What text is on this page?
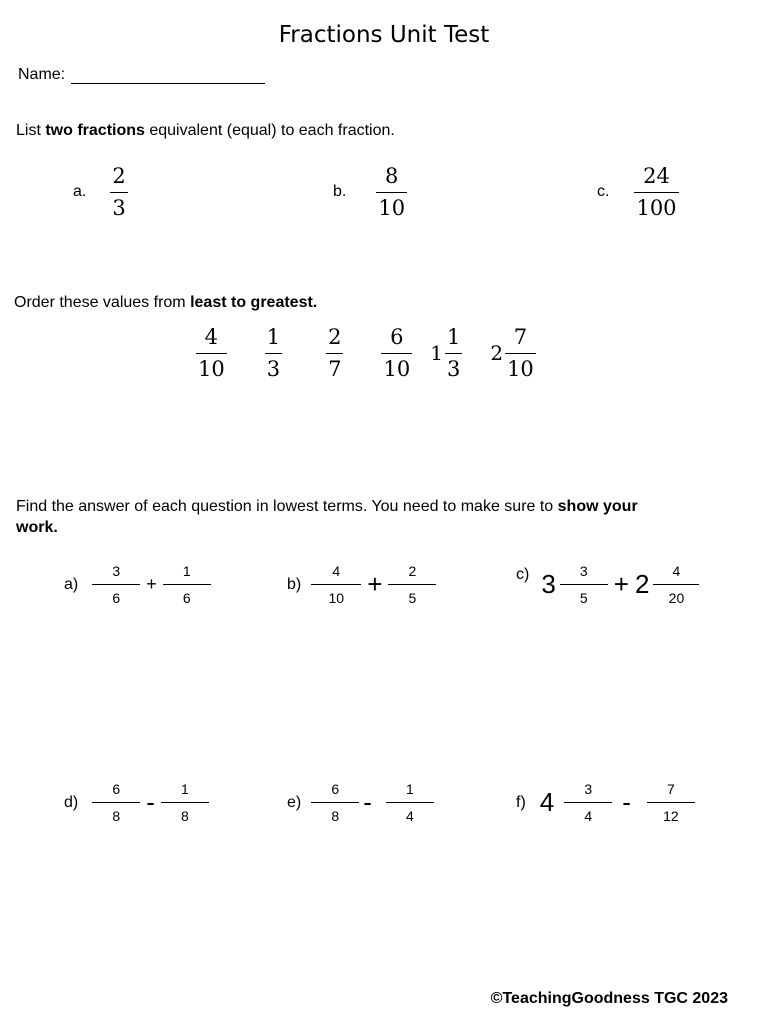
Fractions Unit Test
Name:
List two fractions equivalent (equal) to each fraction.
a. $\frac{2}{3}$	b. $\frac{8}{10}$	c. $\frac{24}{100}$
Order these values from least to greatest.
$\frac{4}{10} \frac{1}{3} \frac{2}{7} \frac{6}{10} 1 \frac{1}{3} 2 \frac{7}{10}$
Find the answer of each question in lowest terms. You need to make sure to show your
work.
$a) \frac{3}{6} + \frac{1}{6}$	$b) \frac{4}{10} + \frac{2}{5}$	c) $3 \frac{3}{5} + 2 \frac{4}{20}$
$d) \frac{6}{8} - \frac{1}{8}$	$e) \frac{6}{8} - \frac{1}{4}$	f) $4 \frac{3}{4} - \frac{7}{12}$
©TeachingGoodness TGC 2023
